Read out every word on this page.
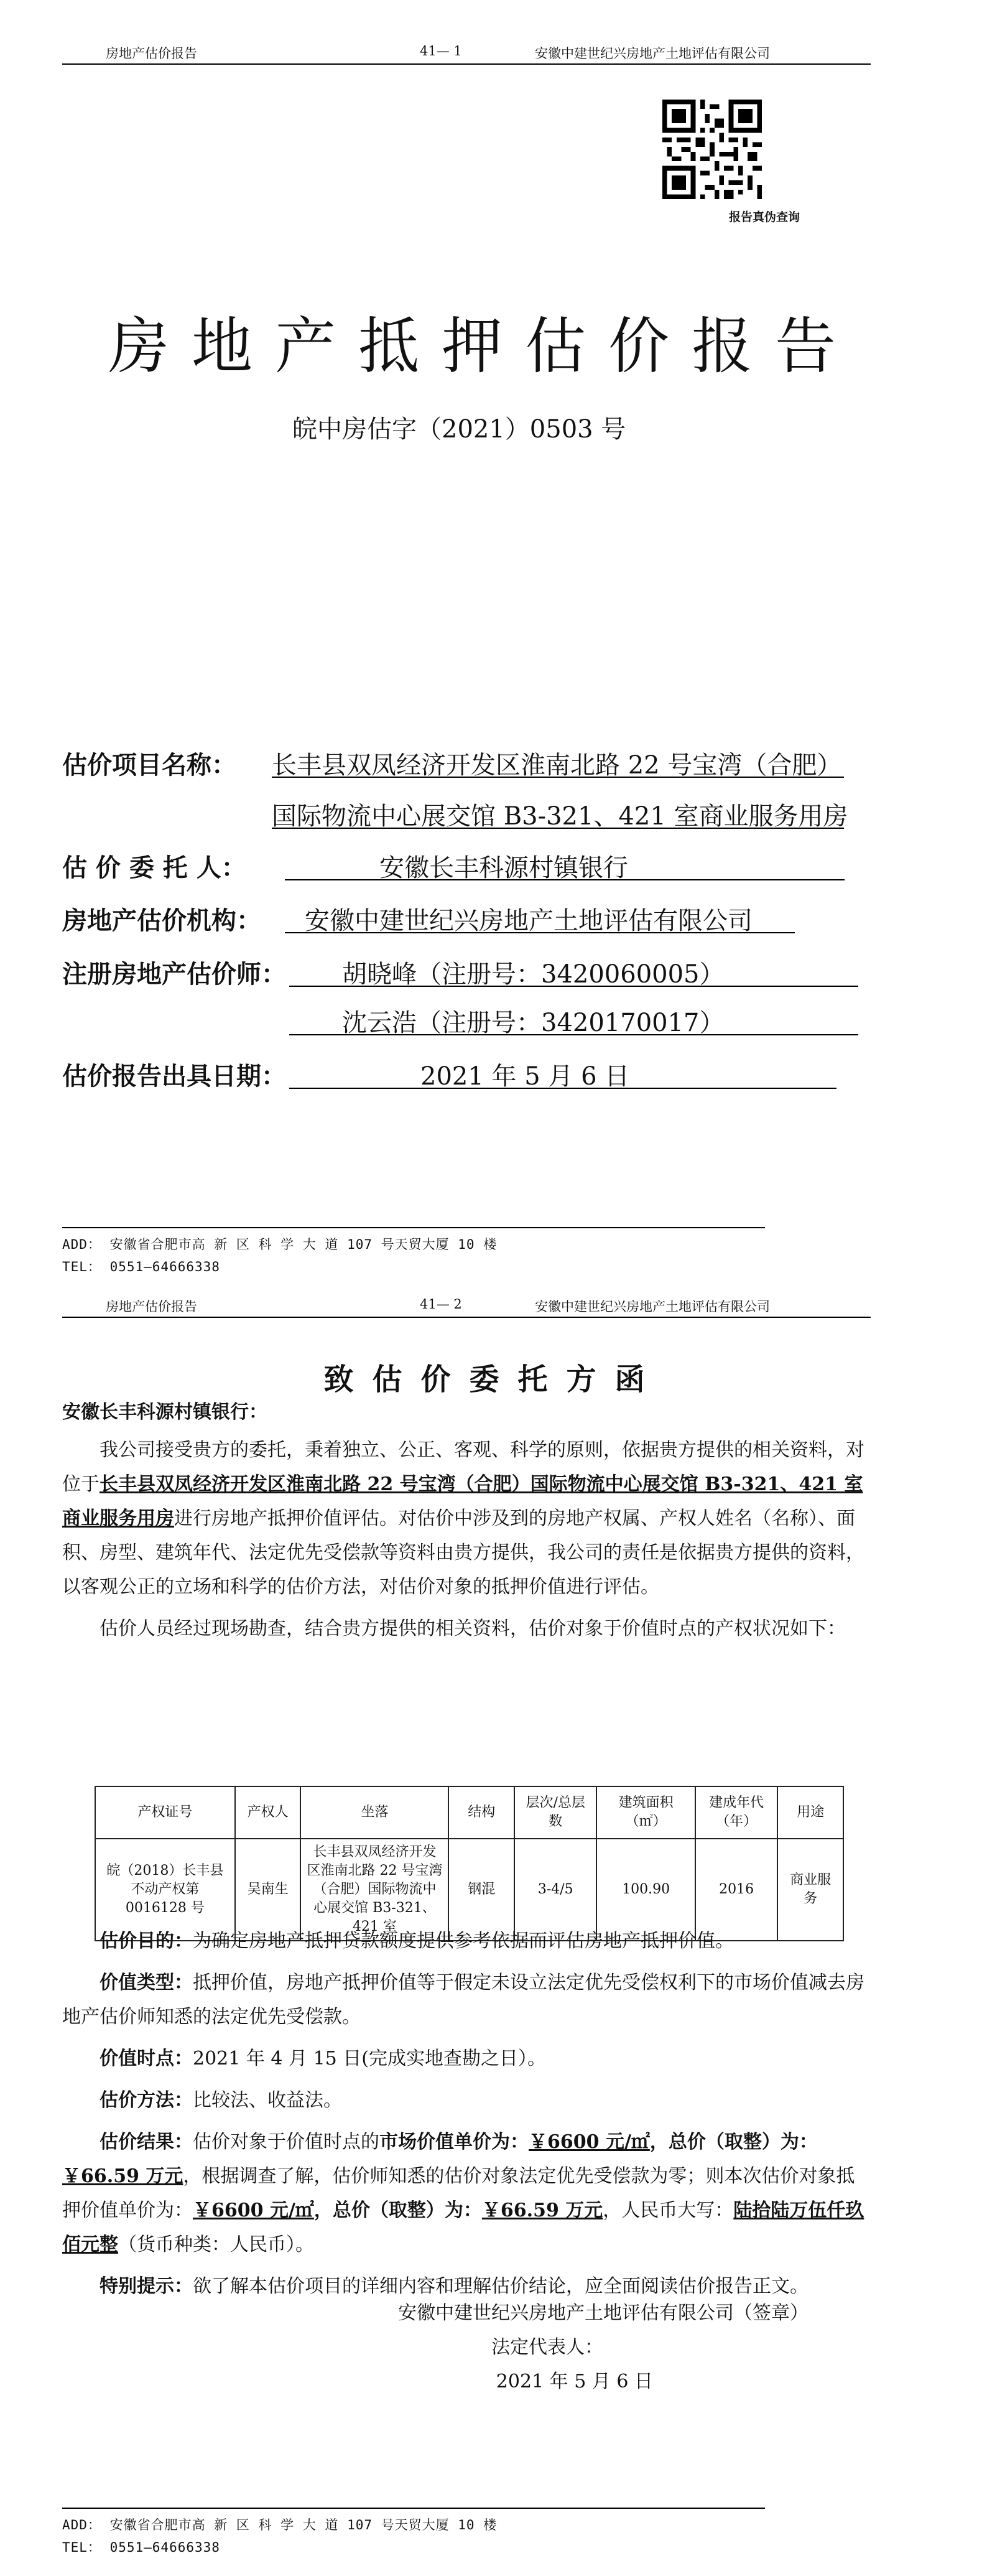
房地产估价报告	41— 1	安徽中建世纪兴房地产土地评估有限公司
报告真伪查询
房地产抵押估价报告
皖中房估字（2021）0503 号
估价项目名称： 长丰县双凤经济开发区淮南北路 22 号宝湾（合肥）
国际物流中心展交馆 B3-321、421 室商业服务用房
估 价 委 托 人：	安徽长丰科源村镇银行
房地产估价机构： 安徽中建世纪兴房地产土地评估有限公司
注册房地产估价师： 胡晓峰（注册号：3420060005）
沈云浩（注册号：3420170017）
估价报告出具日期：	2021 年 5 月 6 日
ADD： 安徽省合肥市高 新 区 科 学 大 道 107 号天贸大厦 10 楼
TEL： 0551—64666338
房地产估价报告	41— 2	安徽中建世纪兴房地产土地评估有限公司
致估价委托方函
安徽长丰科源村镇银行：
我公司接受贵方的委托，秉着独立、公正、客观、科学的原则，依据贵方提供的相关资料，对位于长丰县双凤经济开发区淮南北路 22 号宝湾（合肥）国际物流中心展交馆 B3-321、421 室商业服务用房进行房地产抵押价值评估。对估价中涉及到的房地产权属、产权人姓名（名称）、面积、房型、建筑年代、法定优先受偿款等资料由贵方提供，我公司的责任是依据贵方提供的资料，以客观公正的立场和科学的估价方法，对估价对象的抵押价值进行评估。
估价人员经过现场勘查，结合贵方提供的相关资料，估价对象于价值时点的产权状况如下：
产权证号	产权人	坐落	结构	层次/总层数	建筑面积（㎡）	建成年代（年）	用途
皖（2018）长丰县不动产权第 0016128 号	吴南生	长丰县双凤经济开发区淮南北路 22 号宝湾（合肥）国际物流中心展交馆 B3-321、421 室	钢混	3-4/5	100.90	2016	商业服务
估价目的：为确定房地产抵押贷款额度提供参考依据而评估房地产抵押价值。
价值类型：抵押价值，房地产抵押价值等于假定未设立法定优先受偿权利下的市场价值减去房地产估价师知悉的法定优先受偿款。
价值时点：2021 年 4 月 15 日(完成实地查勘之日）。
估价方法：比较法、收益法。
估价结果：估价对象于价值时点的市场价值单价为：￥6600 元/㎡，总价（取整）为：￥66.59 万元，根据调查了解，估价师知悉的估价对象法定优先受偿款为零；则本次估价对象抵押价值单价为：￥6600 元/㎡，总价（取整）为：￥66.59 万元，人民币大写：陆拾陆万伍仟玖佰元整（货币种类：人民币）。
特别提示：欲了解本估价项目的详细内容和理解估价结论，应全面阅读估价报告正文。
安徽中建世纪兴房地产土地评估有限公司（签章）
法定代表人：
2021 年 5 月 6 日
ADD： 安徽省合肥市高 新 区 科 学 大 道 107 号天贸大厦 10 楼
TEL： 0551—64666338
